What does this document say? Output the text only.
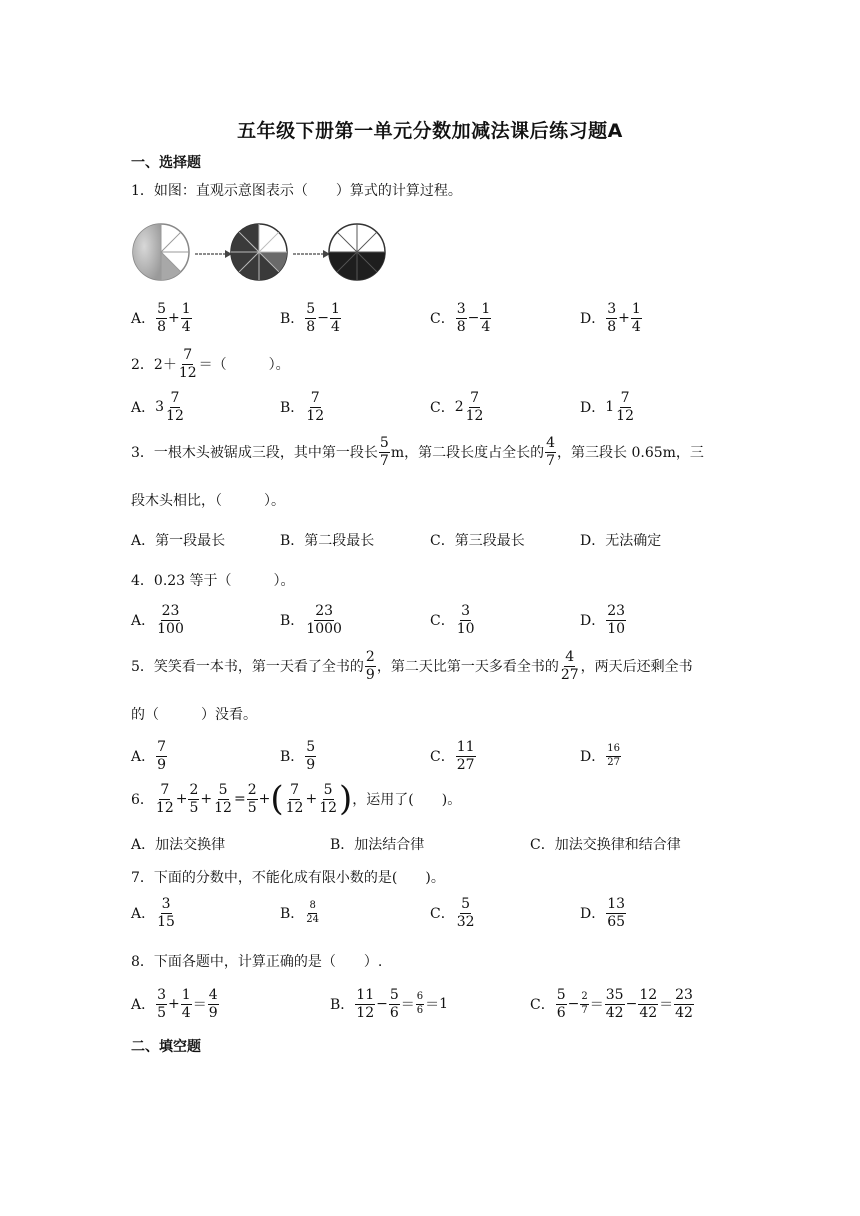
五年级下册第一单元分数加减法课后练习题A
一、选择题
1．如图：直观示意图表示（　　）算式的计算过程。
A． $\frac{5}{8} + \frac{1}{4}$	B． $\frac{5}{8} - \frac{1}{4}$	C． $\frac{3}{8} - \frac{1}{4}$	D． $\frac{3}{8} + \frac{1}{4}$
2．$2+ \frac{7}{12}$ ＝（　　　）。
A．$3 \frac{7}{12}$	B． $\frac{7}{12}$	C．$2 \frac{7}{12}$	D．$1 \frac{7}{12}$
3．一根木头被锯成三段，其中第一段长 $\frac{5}{7}$ m，第二段长度占全长的 $\frac{4}{7}$ ，第三段长 0.65m，三
段木头相比，（　　　）。
A．第一段最长	B．第二段最长	C．第三段最长	D．无法确定
4．0.23 等于（　　　）。
A． $\frac{23}{100}$	B． $\frac{23}{1000}$	C． $\frac{3}{10}$	D． $\frac{23}{10}$
5．笑笑看一本书，第一天看了全书的 $\frac{2}{9}$ ，第二天比第一天多看全书的 $\frac{4}{27}$ ，两天后还剩全书
的（　　　）没看。
A． $\frac{7}{9}$	B． $\frac{5}{9}$	C． $\frac{11}{27}$	D． $\frac{16}{27}$
6． $\frac{7}{12} + \frac{2}{5} + \frac{5}{12} = \frac{2}{5}$ +( $\frac{7}{12} + \frac{5}{12}$ )，运用了(　　)。
A．加法交换律	B．加法结合律	C．加法交换律和结合律
7．下面的分数中，不能化成有限小数的是(　　)。
A． $\frac{3}{15}$	B． $\frac{8}{24}$	C． $\frac{5}{32}$	D． $\frac{13}{65}$
8．下面各题中，计算正确的是（　　）.
A． $\frac{3}{5} + \frac{1}{4} = \frac{4}{9}$	B． $\frac{11}{12} - \frac{5}{6} = \frac{6}{6} =1$	C． $\frac{5}{6} - \frac{2}{7} = \frac{35}{42} - \frac{12}{42} = \frac{23}{42}$
二、填空题
